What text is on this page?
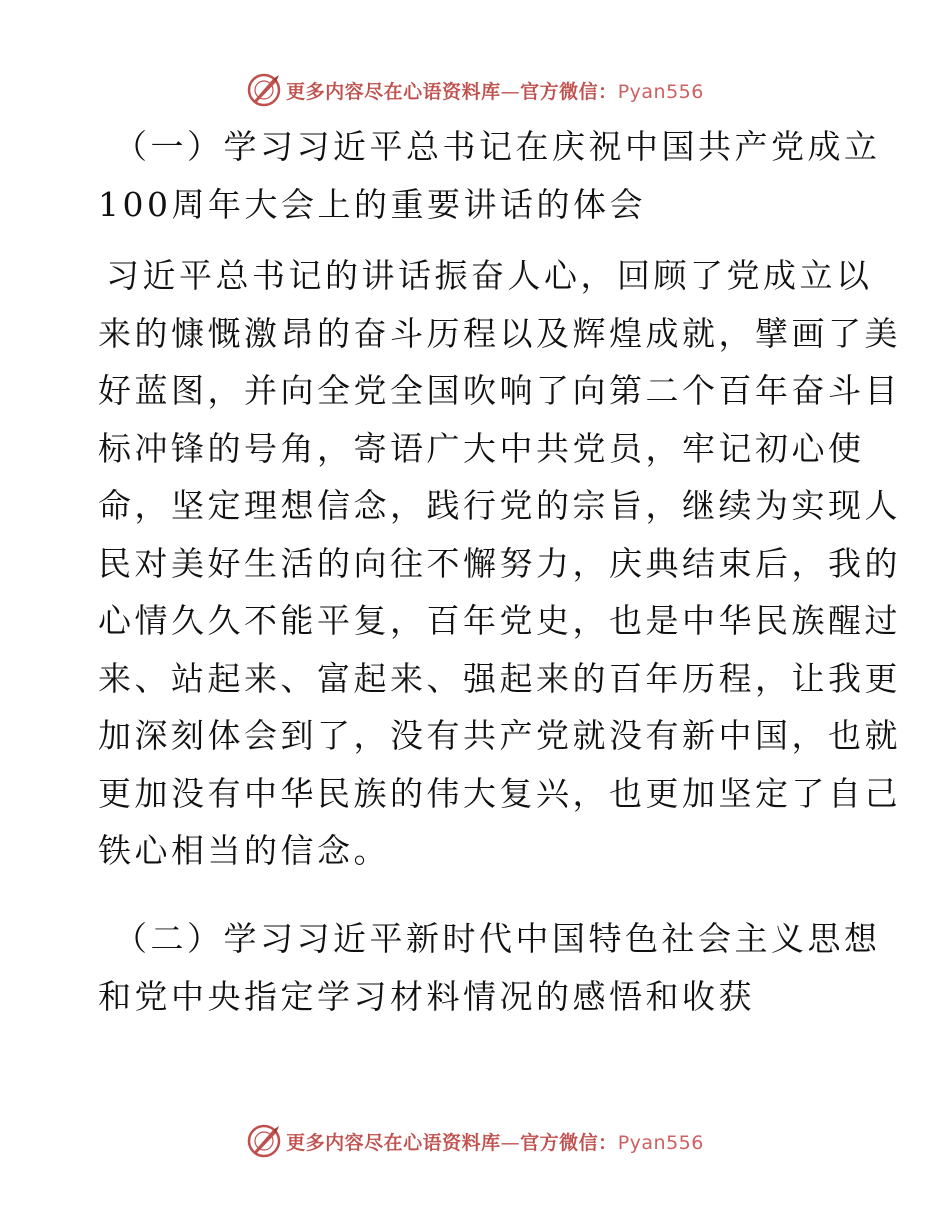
更多内容尽在心语资料库—官方微信：Pyan556
（一）学习习近平总书记在庆祝中国共产党成立
100周年大会上的重要讲话的体会
习近平总书记的讲话振奋人心，回顾了党成立以
来的慷慨激昂的奋斗历程以及辉煌成就，擘画了美
好蓝图，并向全党全国吹响了向第二个百年奋斗目
标冲锋的号角，寄语广大中共党员，牢记初心使
命，坚定理想信念，践行党的宗旨，继续为实现人
民对美好生活的向往不懈努力，庆典结束后，我的
心情久久不能平复，百年党史，也是中华民族醒过
来、站起来、富起来、强起来的百年历程，让我更
加深刻体会到了，没有共产党就没有新中国，也就
更加没有中华民族的伟大复兴，也更加坚定了自己
铁心相当的信念。
（二）学习习近平新时代中国特色社会主义思想
和党中央指定学习材料情况的感悟和收获
更多内容尽在心语资料库—官方微信：Pyan556
